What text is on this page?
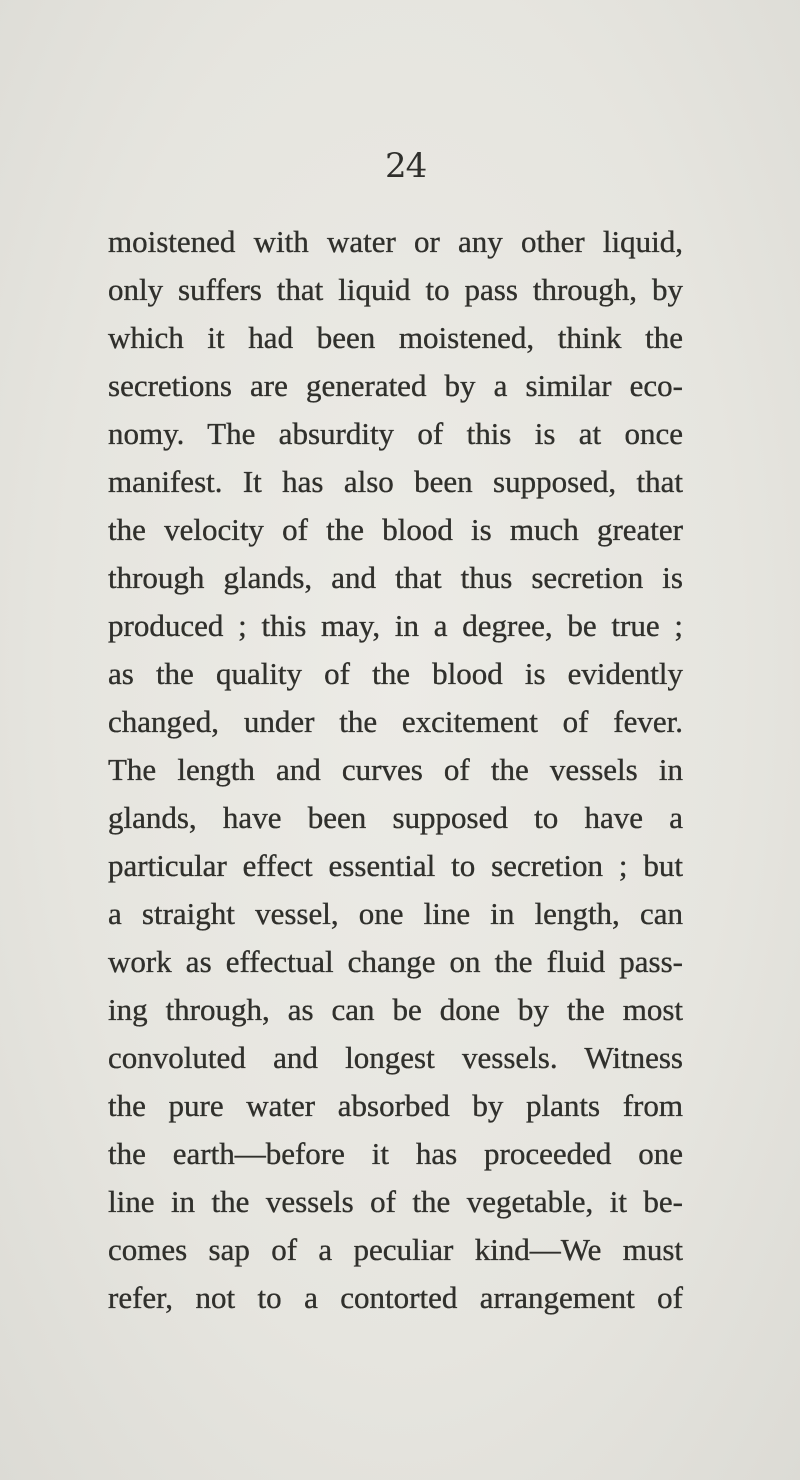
24
moistened with water or any other liquid,
only suffers that liquid to pass through, by
which it had been moistened, think the
secretions are generated by a similar eco-
nomy. The absurdity of this is at once
manifest. It has also been supposed, that
the velocity of the blood is much greater
through glands, and that thus secretion is
produced ; this may, in a degree, be true ;
as the quality of the blood is evidently
changed, under the excitement of fever.
The length and curves of the vessels in
glands, have been supposed to have a
particular effect essential to secretion ; but
a straight vessel, one line in length, can
work as effectual change on the fluid pass-
ing through, as can be done by the most
convoluted and longest vessels. Witness
the pure water absorbed by plants from
the earth—before it has proceeded one
line in the vessels of the vegetable, it be-
comes sap of a peculiar kind—We must
refer, not to a contorted arrangement of
